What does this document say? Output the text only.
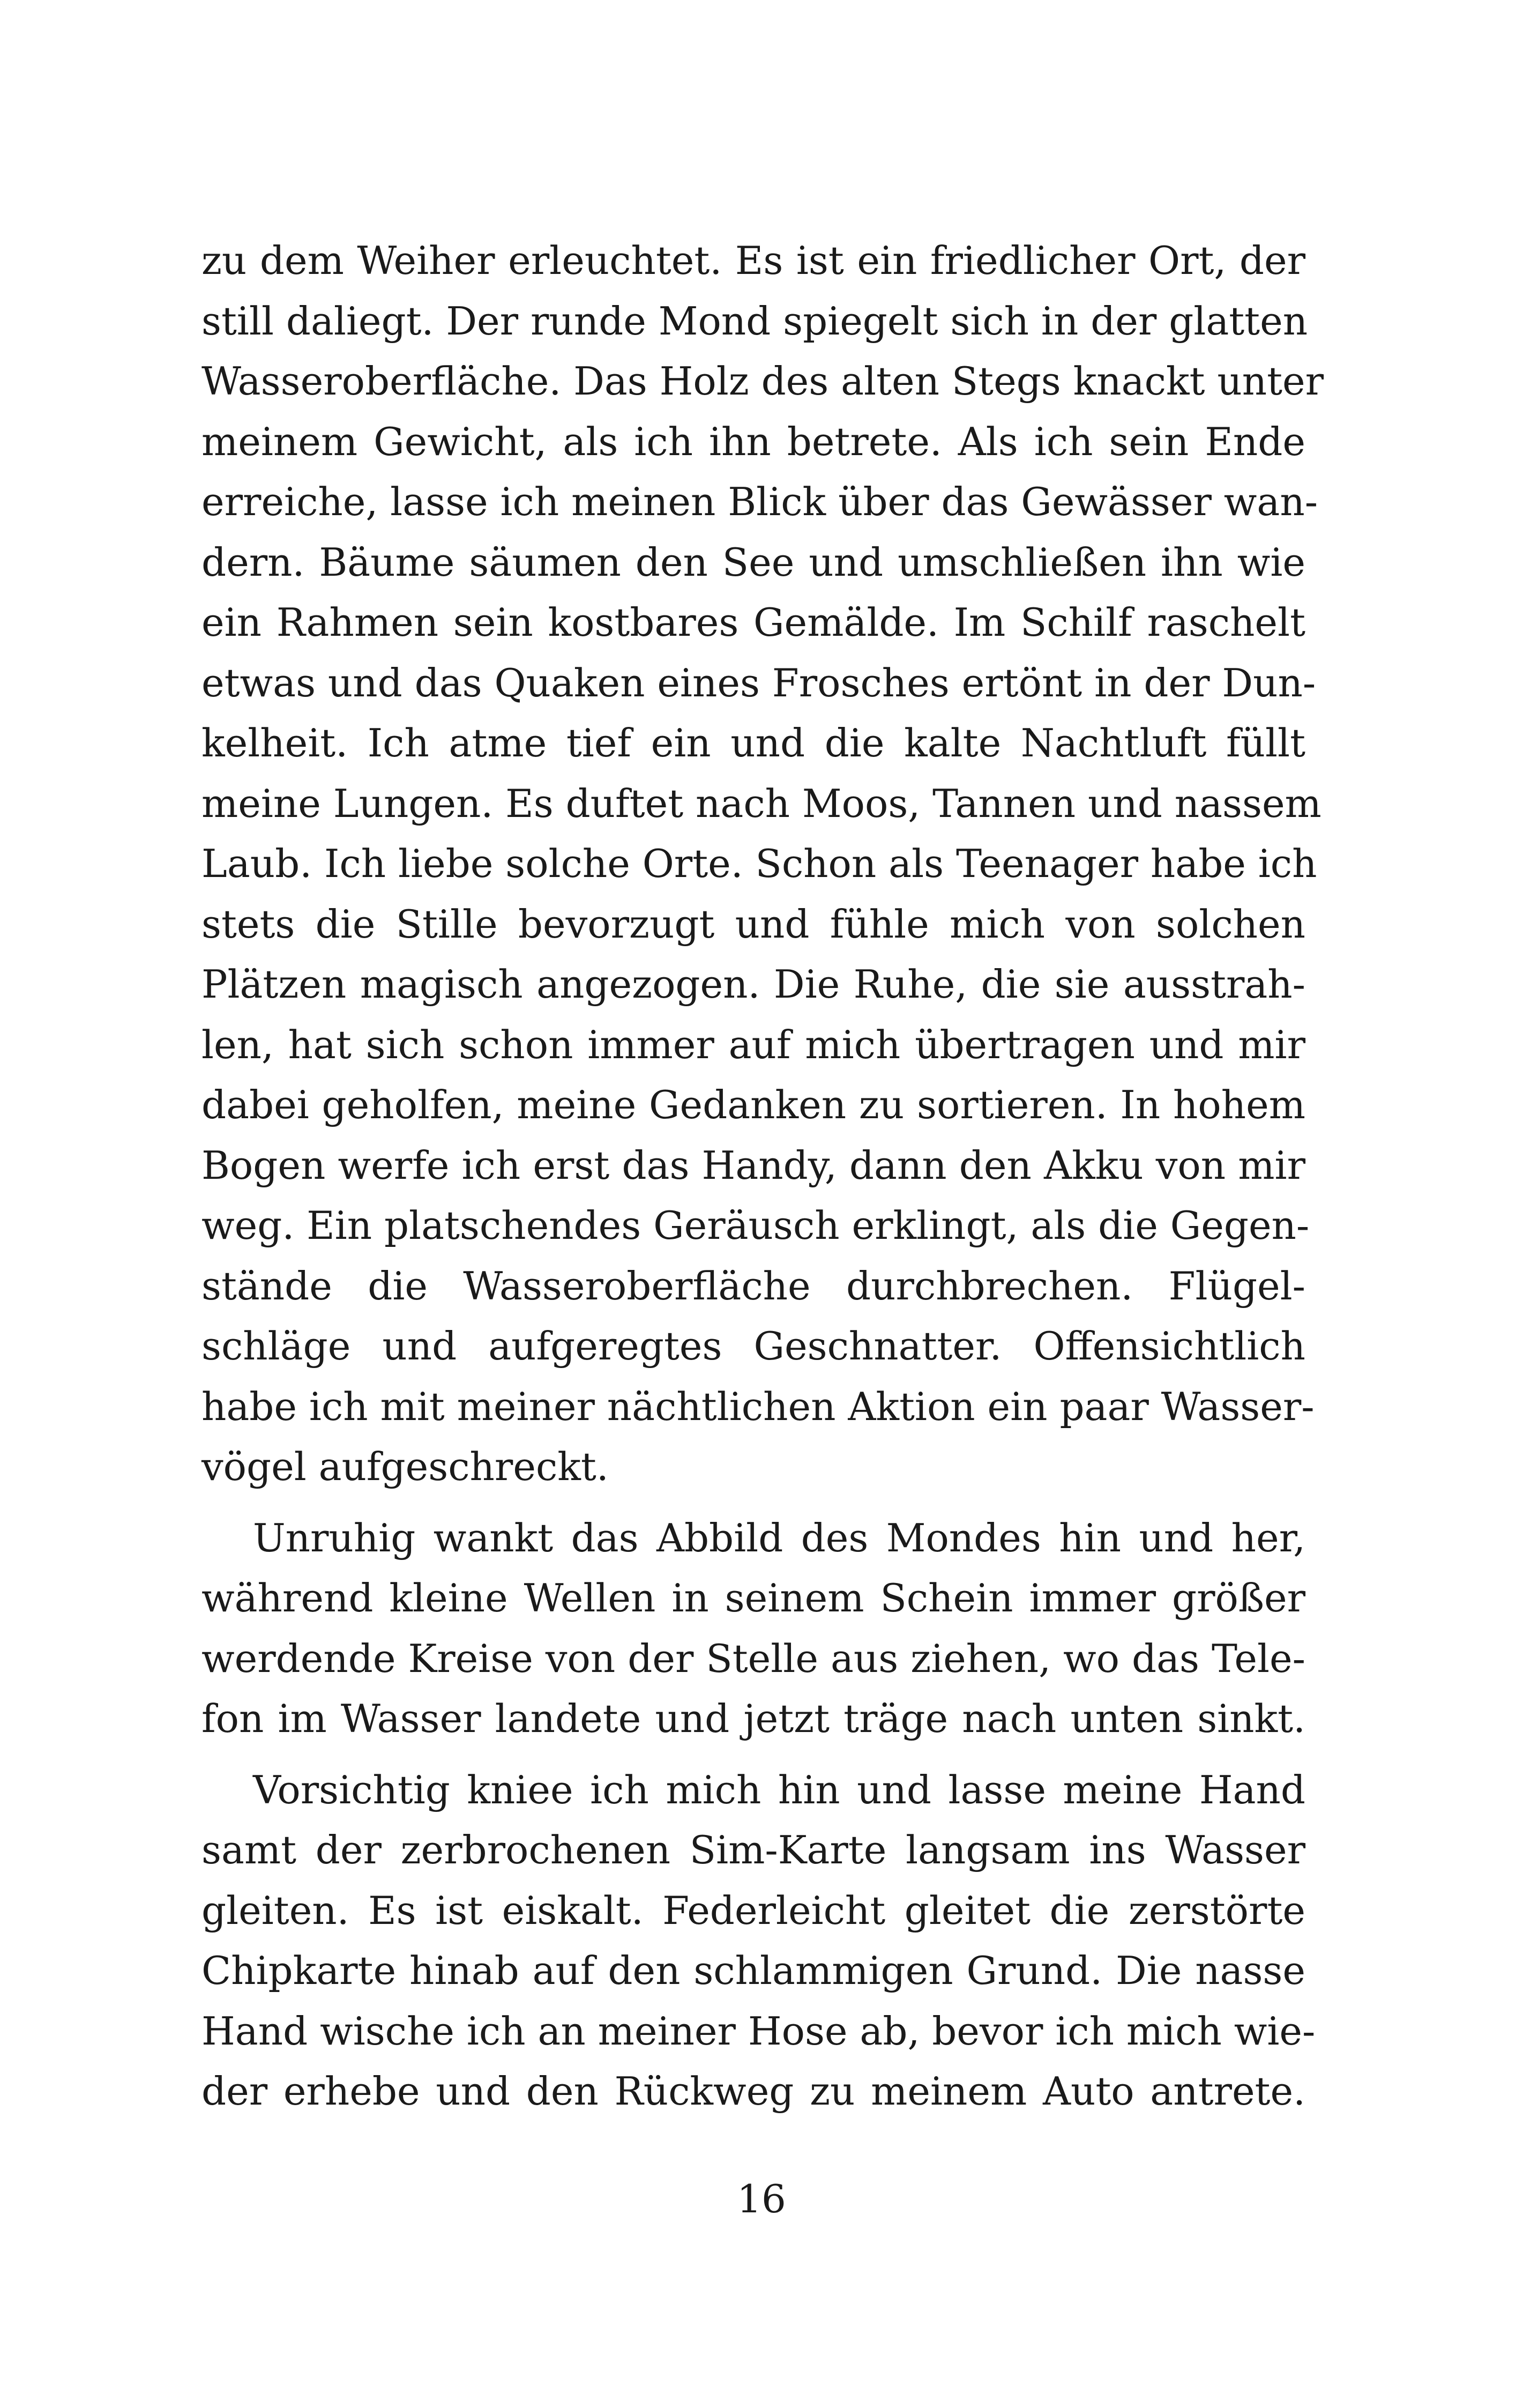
zu dem Weiher erleuchtet. Es ist ein friedlicher Ort, der
still daliegt. Der runde Mond spiegelt sich in der glatten
Wasseroberfläche. Das Holz des alten Stegs knackt unter
meinem Gewicht, als ich ihn betrete. Als ich sein Ende
erreiche, lasse ich meinen Blick über das Gewässer wan-
dern. Bäume säumen den See und umschließen ihn wie
ein Rahmen sein kostbares Gemälde. Im Schilf raschelt
etwas und das Quaken eines Frosches ertönt in der Dun-
kelheit. Ich atme tief ein und die kalte Nachtluft füllt
meine Lungen. Es duftet nach Moos, Tannen und nassem
Laub. Ich liebe solche Orte. Schon als Teenager habe ich
stets die Stille bevorzugt und fühle mich von solchen
Plätzen magisch angezogen. Die Ruhe, die sie ausstrah-
len, hat sich schon immer auf mich übertragen und mir
dabei geholfen, meine Gedanken zu sortieren. In hohem
Bogen werfe ich erst das Handy, dann den Akku von mir
weg. Ein platschendes Geräusch erklingt, als die Gegen-
stände die Wasseroberfläche durchbrechen. Flügel-
schläge und aufgeregtes Geschnatter. Offensichtlich
habe ich mit meiner nächtlichen Aktion ein paar Wasser-
vögel aufgeschreckt.
Unruhig wankt das Abbild des Mondes hin und her,
während kleine Wellen in seinem Schein immer größer
werdende Kreise von der Stelle aus ziehen, wo das Tele-
fon im Wasser landete und jetzt träge nach unten sinkt.
Vorsichtig kniee ich mich hin und lasse meine Hand
samt der zerbrochenen Sim-Karte langsam ins Wasser
gleiten. Es ist eiskalt. Federleicht gleitet die zerstörte
Chipkarte hinab auf den schlammigen Grund. Die nasse
Hand wische ich an meiner Hose ab, bevor ich mich wie-
der erhebe und den Rückweg zu meinem Auto antrete.
16
